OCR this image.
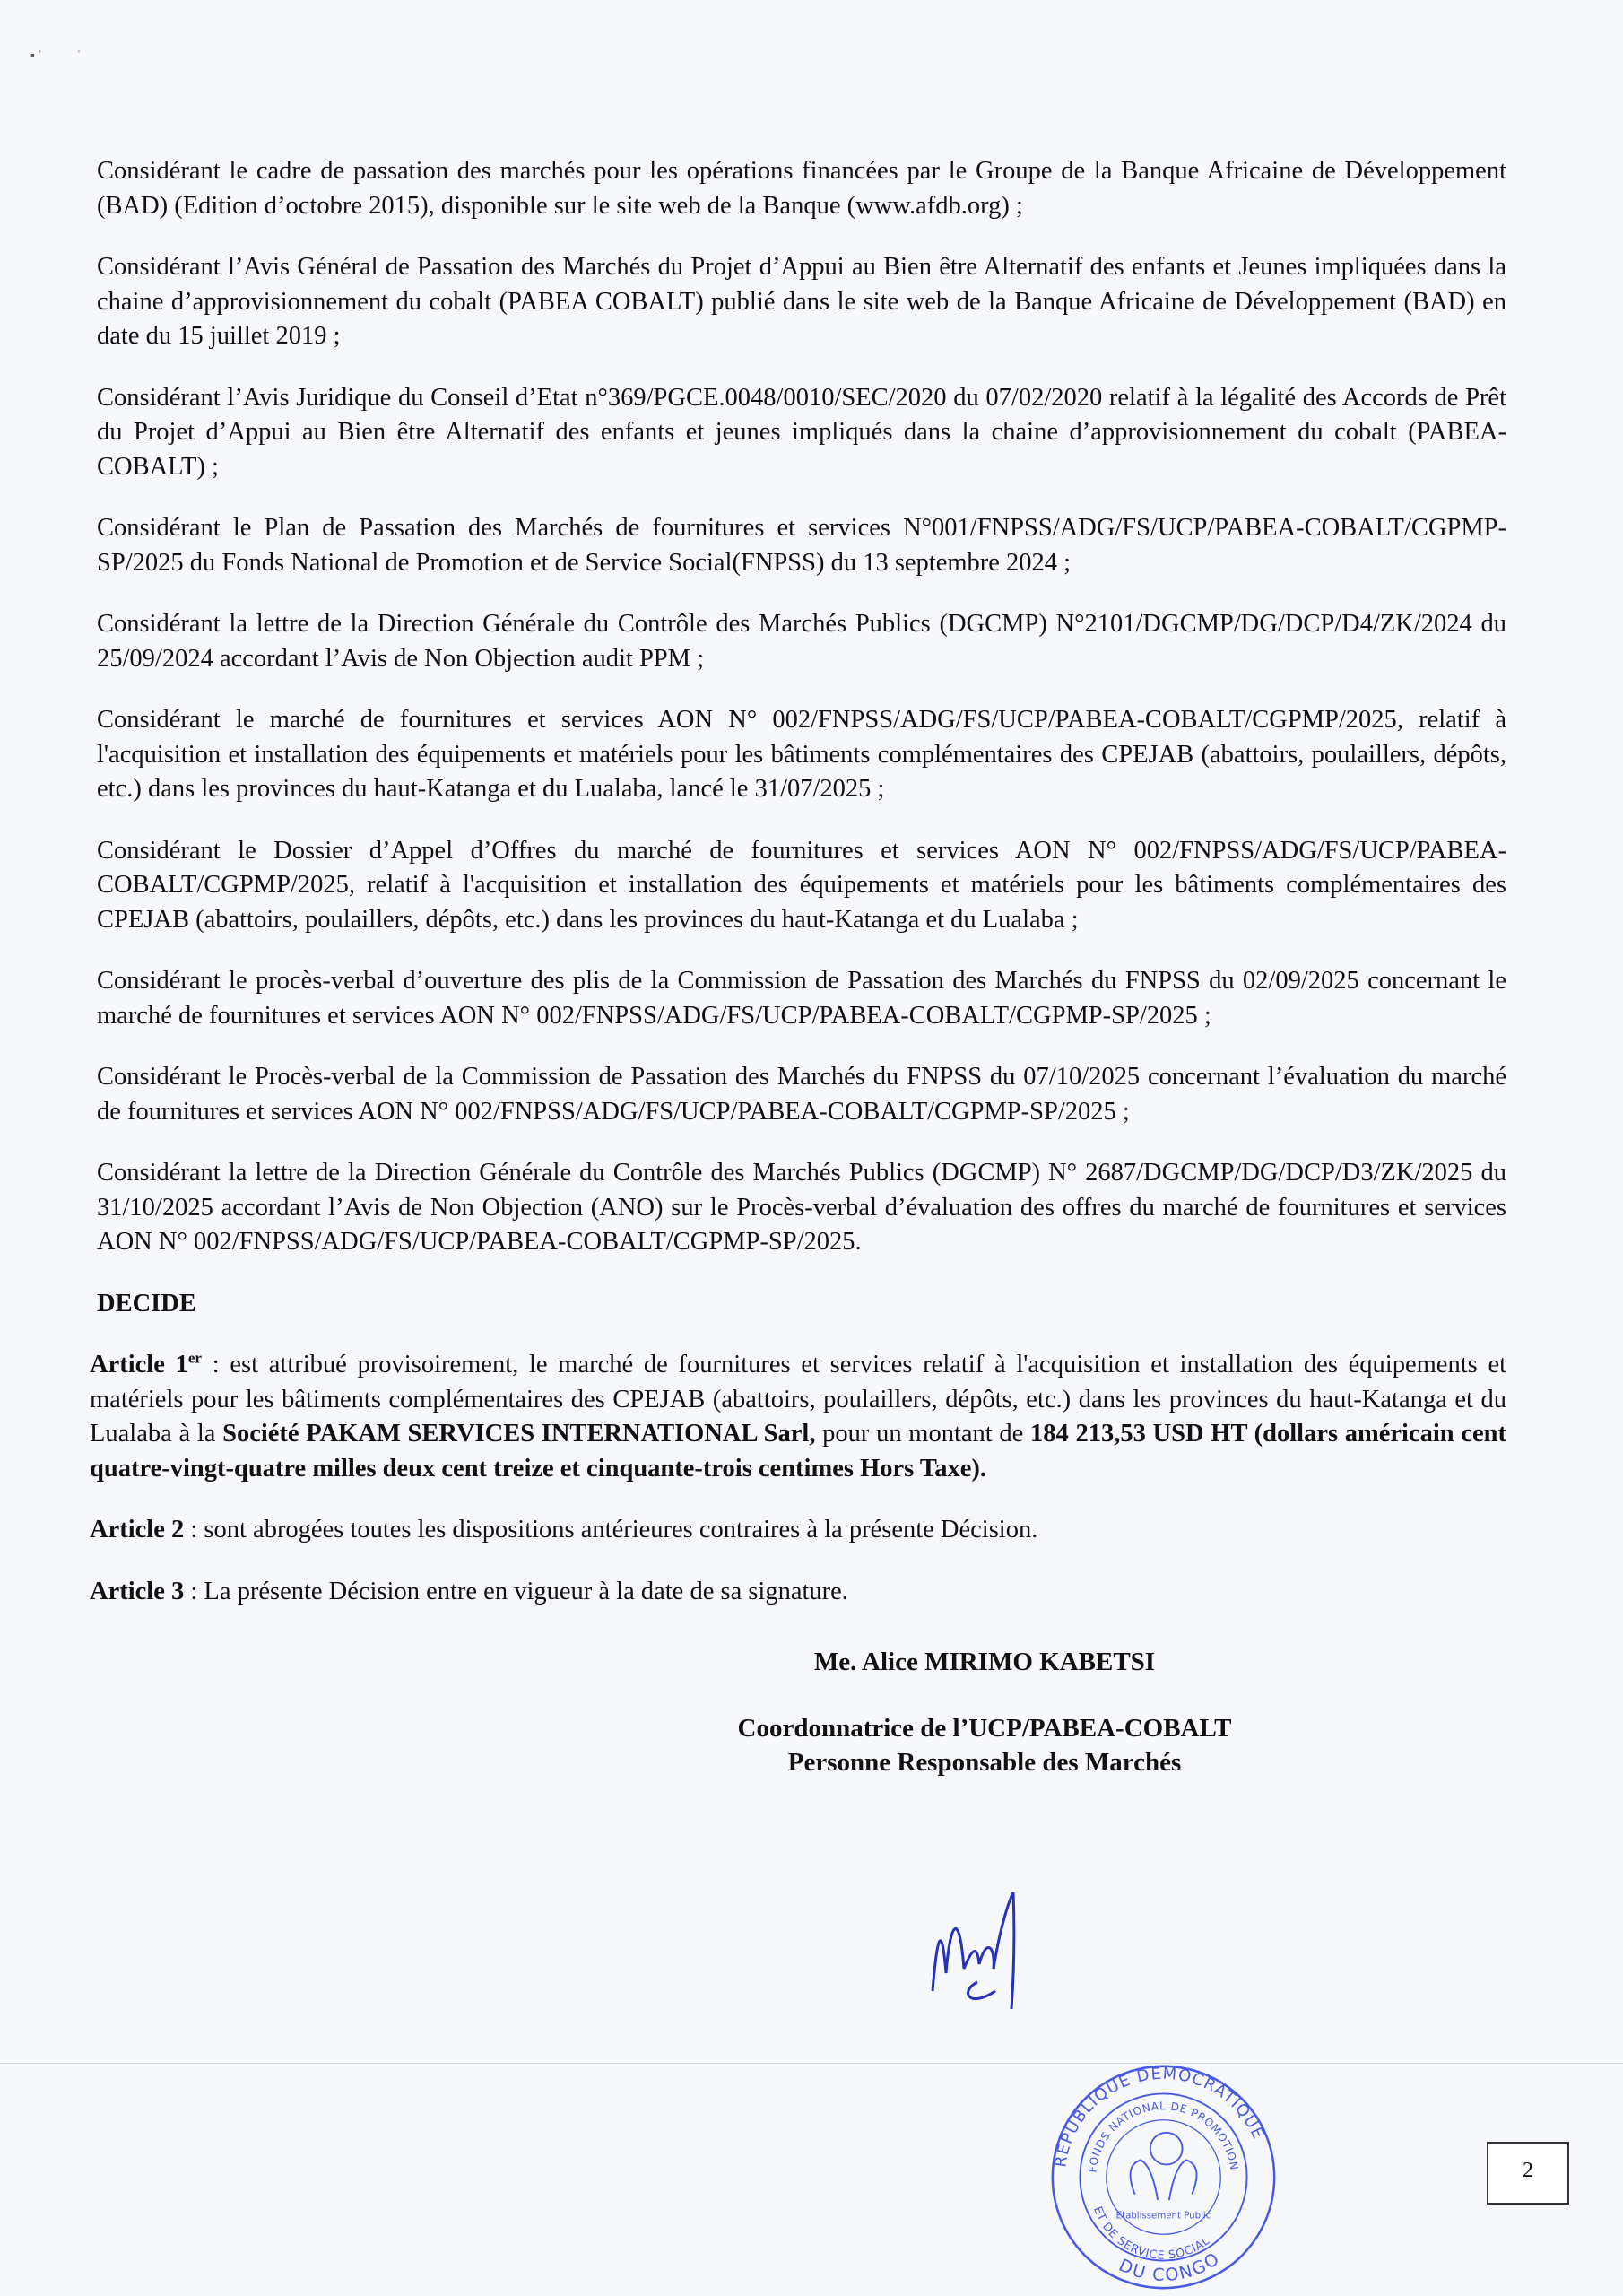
▪ ˈ           ˈ

Considérant le cadre de passation des marchés pour les opérations financées par le Groupe de la Banque Africaine de Développement (BAD) (Edition d’octobre 2015), disponible sur le site web de la Banque (www.afdb.org) ;

Considérant l’Avis Général de Passation des Marchés du Projet d’Appui au Bien être Alternatif des enfants et Jeunes impliquées dans la chaine d’approvisionnement du cobalt (PABEA COBALT) publié dans le site web de la Banque Africaine de Développement (BAD) en date du 15 juillet 2019 ;

Considérant l’Avis Juridique du Conseil d’Etat n°369/PGCE.0048/0010/SEC/2020 du 07/02/2020 relatif à la légalité des Accords de Prêt du Projet d’Appui au Bien être Alternatif des enfants et jeunes impliqués dans la chaine d’approvisionnement du cobalt (PABEA- COBALT) ;

Considérant le Plan de Passation des Marchés de fournitures et services N°001/FNPSS/ADG/FS/UCP/PABEA-COBALT/CGPMP-SP/2025 du Fonds National de Promotion et de Service Social(FNPSS) du 13 septembre 2024 ;

Considérant la lettre de la Direction Générale du Contrôle des Marchés Publics (DGCMP) N°2101/DGCMP/DG/DCP/D4/ZK/2024 du 25/09/2024 accordant l’Avis de Non Objection audit PPM ;

Considérant le marché de fournitures et services AON N° 002/FNPSS/ADG/FS/UCP/PABEA-COBALT/CGPMP/2025, relatif à l'acquisition et installation des équipements et matériels pour les bâtiments complémentaires des CPEJAB (abattoirs, poulaillers, dépôts, etc.) dans les provinces du haut-Katanga et du Lualaba, lancé le 31/07/2025 ;

Considérant le Dossier d’Appel d’Offres du marché de fournitures et services AON N° 002/FNPSS/ADG/FS/UCP/PABEA-COBALT/CGPMP/2025, relatif à l'acquisition et installation des équipements et matériels pour les bâtiments complémentaires des CPEJAB (abattoirs, poulaillers, dépôts, etc.) dans les provinces du haut-Katanga et du Lualaba ;

Considérant le procès-verbal d’ouverture des plis de la Commission de Passation des Marchés du FNPSS du 02/09/2025 concernant le marché de fournitures et services AON N° 002/FNPSS/ADG/FS/UCP/PABEA-COBALT/CGPMP-SP/2025 ;

Considérant le Procès-verbal de la Commission de Passation des Marchés du FNPSS du 07/10/2025 concernant l’évaluation du marché de fournitures et services AON N° 002/FNPSS/ADG/FS/UCP/PABEA-COBALT/CGPMP-SP/2025 ;

Considérant la lettre de la Direction Générale du Contrôle des Marchés Publics (DGCMP) N° 2687/DGCMP/DG/DCP/D3/ZK/2025 du 31/10/2025 accordant l’Avis de Non Objection (ANO) sur le Procès-verbal d’évaluation des offres du marché de fournitures et services AON N° 002/FNPSS/ADG/FS/UCP/PABEA-COBALT/CGPMP-SP/2025.

DECIDE
Article 1er : est attribué provisoirement, le marché de fournitures et services relatif à l'acquisition et installation des équipements et matériels pour les bâtiments complémentaires des CPEJAB (abattoirs, poulaillers, dépôts, etc.) dans les provinces du haut-Katanga et du Lualaba à la Société PAKAM SERVICES INTERNATIONAL Sarl, pour un montant de 184 213,53 USD HT (dollars américain cent quatre-vingt-quatre milles deux cent treize et cinquante-trois centimes Hors Taxe).
Article 2 : sont abrogées toutes les dispositions antérieures contraires à la présente Décision.
Article 3 : La présente Décision entre en vigueur à la date de sa signature.
Me. Alice MIRIMO KABETSI
Coordonnatrice de l’UCP/PABEA-COBALT
Personne Responsable des Marchés
REPUBLIQUE DEMOCRATIQUE
DU CONGO
FONDS NATIONAL DE PROMOTION
ET DE SERVICE SOCIAL
Etablissement Public
2
